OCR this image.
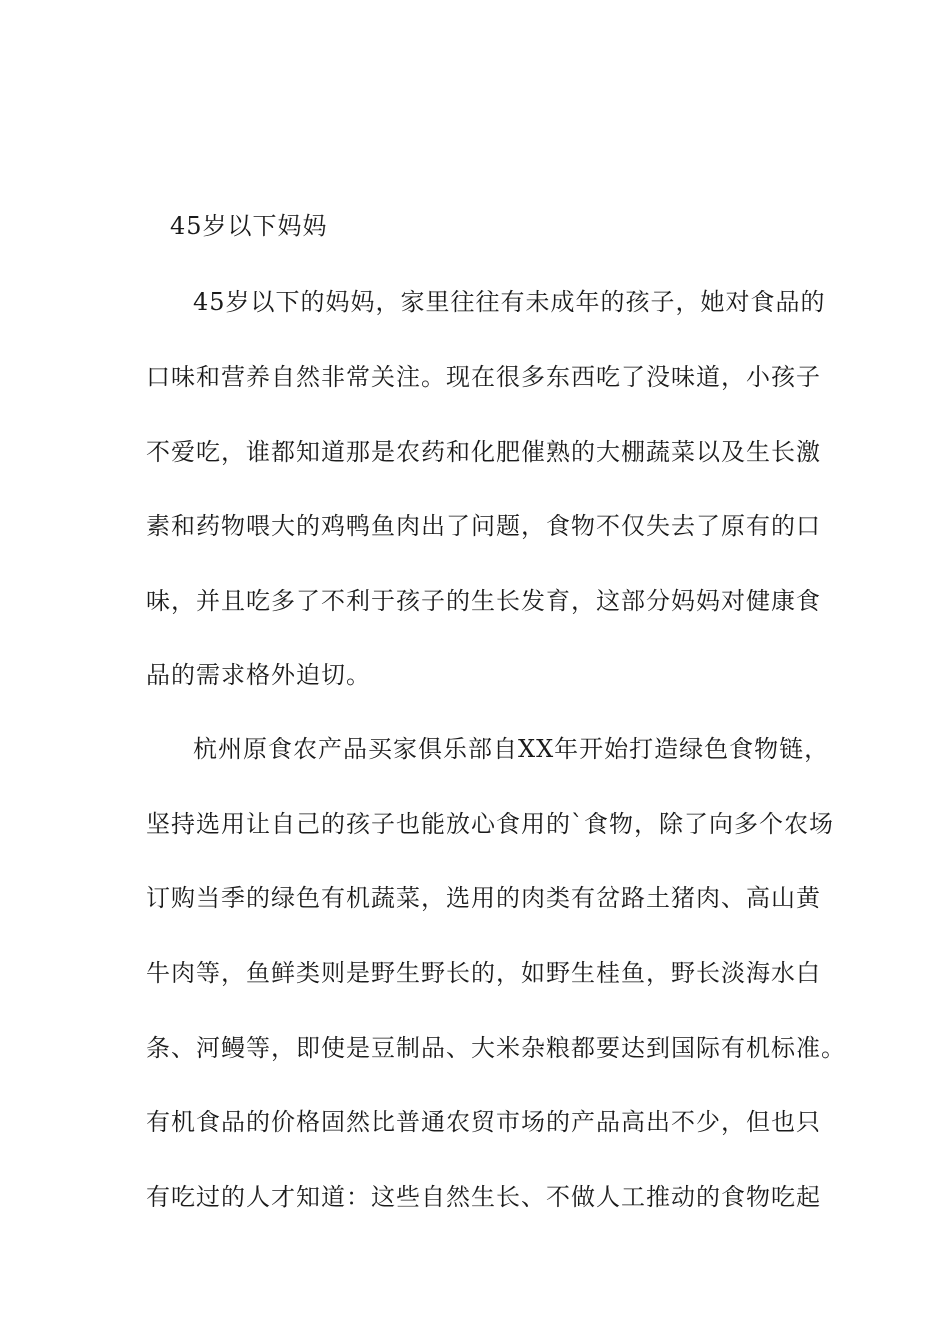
45岁以下妈妈

45岁以下的妈妈，家里往往有未成年的孩子，她对食品的

口味和营养自然非常关注。现在很多东西吃了没味道，小孩子

不爱吃，谁都知道那是农药和化肥催熟的大棚蔬菜以及生长激

素和药物喂大的鸡鸭鱼肉出了问题，食物不仅失去了原有的口

味，并且吃多了不利于孩子的生长发育，这部分妈妈对健康食

品的需求格外迫切。

杭州原食农产品买家俱乐部自XX年开始打造绿色食物链，

坚持选用让自己的孩子也能放心食用的`食物，除了向多个农场

订购当季的绿色有机蔬菜，选用的肉类有岔路土猪肉、高山黄

牛肉等，鱼鲜类则是野生野长的，如野生桂鱼，野长淡海水白

条、河鳗等，即使是豆制品、大米杂粮都要达到国际有机标准。

有机食品的价格固然比普通农贸市场的产品高出不少，但也只

有吃过的人才知道：这些自然生长、不做人工推动的食物吃起
